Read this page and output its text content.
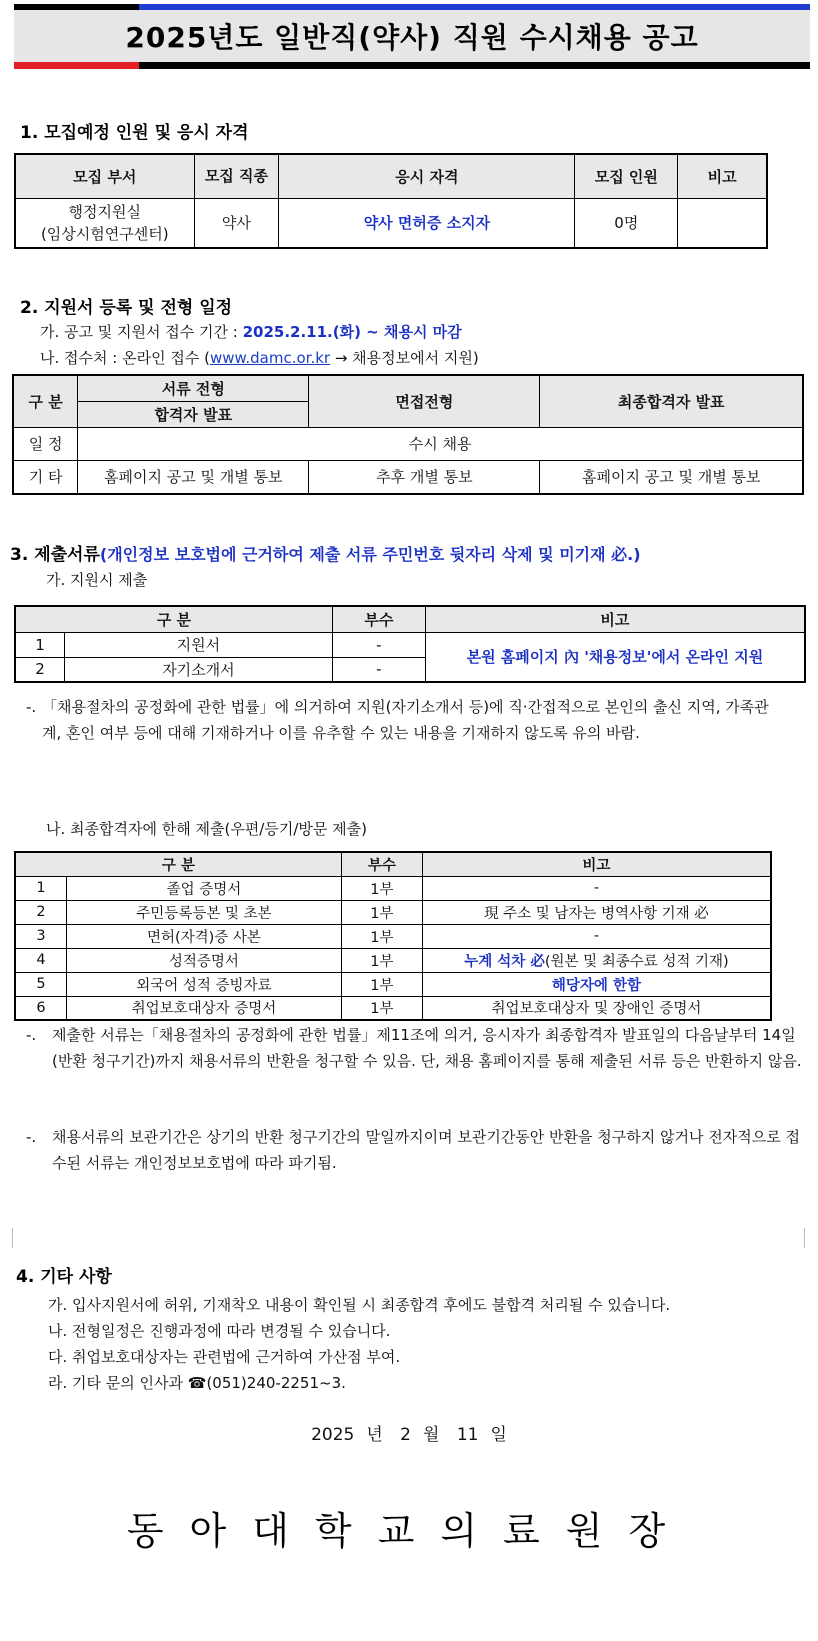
2025년도 일반직(약사) 직원 수시채용 공고
1. 모집예정 인원 및 응시 자격
모집 부서	모집 직종	응시 자격	모집 인원	비고

행정지원실
(임상시험연구센터)	약사	약사 면허증 소지자	0명	
2. 지원서 등록 및 전형 일정
가. 공고 및 지원서 접수 기간 : 2025.2.11.(화) ~ 채용시 마감
나. 접수처 : 온라인 접수 (www.damc.or.kr → 채용정보에서 지원)
구 분	서류 전형	면접전형	최종합격자 발표
	합격자 발표		
일 정	수시 채용		
기 타	홈페이지 공고 및 개별 통보	추후 개별 통보	홈페이지 공고 및 개별 통보
3. 제출서류(개인정보 보호법에 근거하여 제출 서류 주민번호 뒷자리 삭제 및 미기재 必.)
가. 지원시 제출
구 분		부수	비고
1	지원서	-	본원 홈페이지 內 '채용정보'에서 온라인 지원
2	자기소개서	-	
-. 「채용절차의 공정화에 관한 법률」에 의거하여 지원(자기소개서 등)에 직·간접적으로 본인의 출신 지역, 가족관계, 혼인 여부 등에 대해 기재하거나 이를 유추할 수 있는 내용을 기재하지 않도록 유의 바람.
나. 최종합격자에 한해 제출(우편/등기/방문 제출)
구 분		부수	비고
1	졸업 증명서	1부	-
2	주민등록등본 및 초본	1부	現 주소 및 남자는 병역사항 기재 必
3	면허(자격)증 사본	1부	-
4	성적증명서	1부	누계 석차 必(원본 및 최종수료 성적 기재)
5	외국어 성적 증빙자료	1부	해당자에 한함
6	취업보호대상자 증명서	1부	취업보호대상자 및 장애인 증명서
-. 제출한 서류는「채용절차의 공정화에 관한 법률」제11조에 의거, 응시자가 최종합격자 발표일의 다음날부터 14일(반환 청구기간)까지 채용서류의 반환을 청구할 수 있음. 단, 채용 홈페이지를 통해 제출된 서류 등은 반환하지 않음.
-. 채용서류의 보관기간은 상기의 반환 청구기간의 말일까지이며 보관기간동안 반환을 청구하지 않거나 전자적으로 접수된 서류는 개인정보보호법에 따라 파기됨.
4. 기타 사항
가. 입사지원서에 허위, 기재착오 내용이 확인될 시 최종합격 후에도 불합격 처리될 수 있습니다.
나. 전형일정은 진행과정에 따라 변경될 수 있습니다.
다. 취업보호대상자는 관련법에 근거하여 가산점 부여.
라. 기타 문의 인사과 ☎(051)240-2251~3.
2025 년 2 월 11 일
동아대학교의료원장
